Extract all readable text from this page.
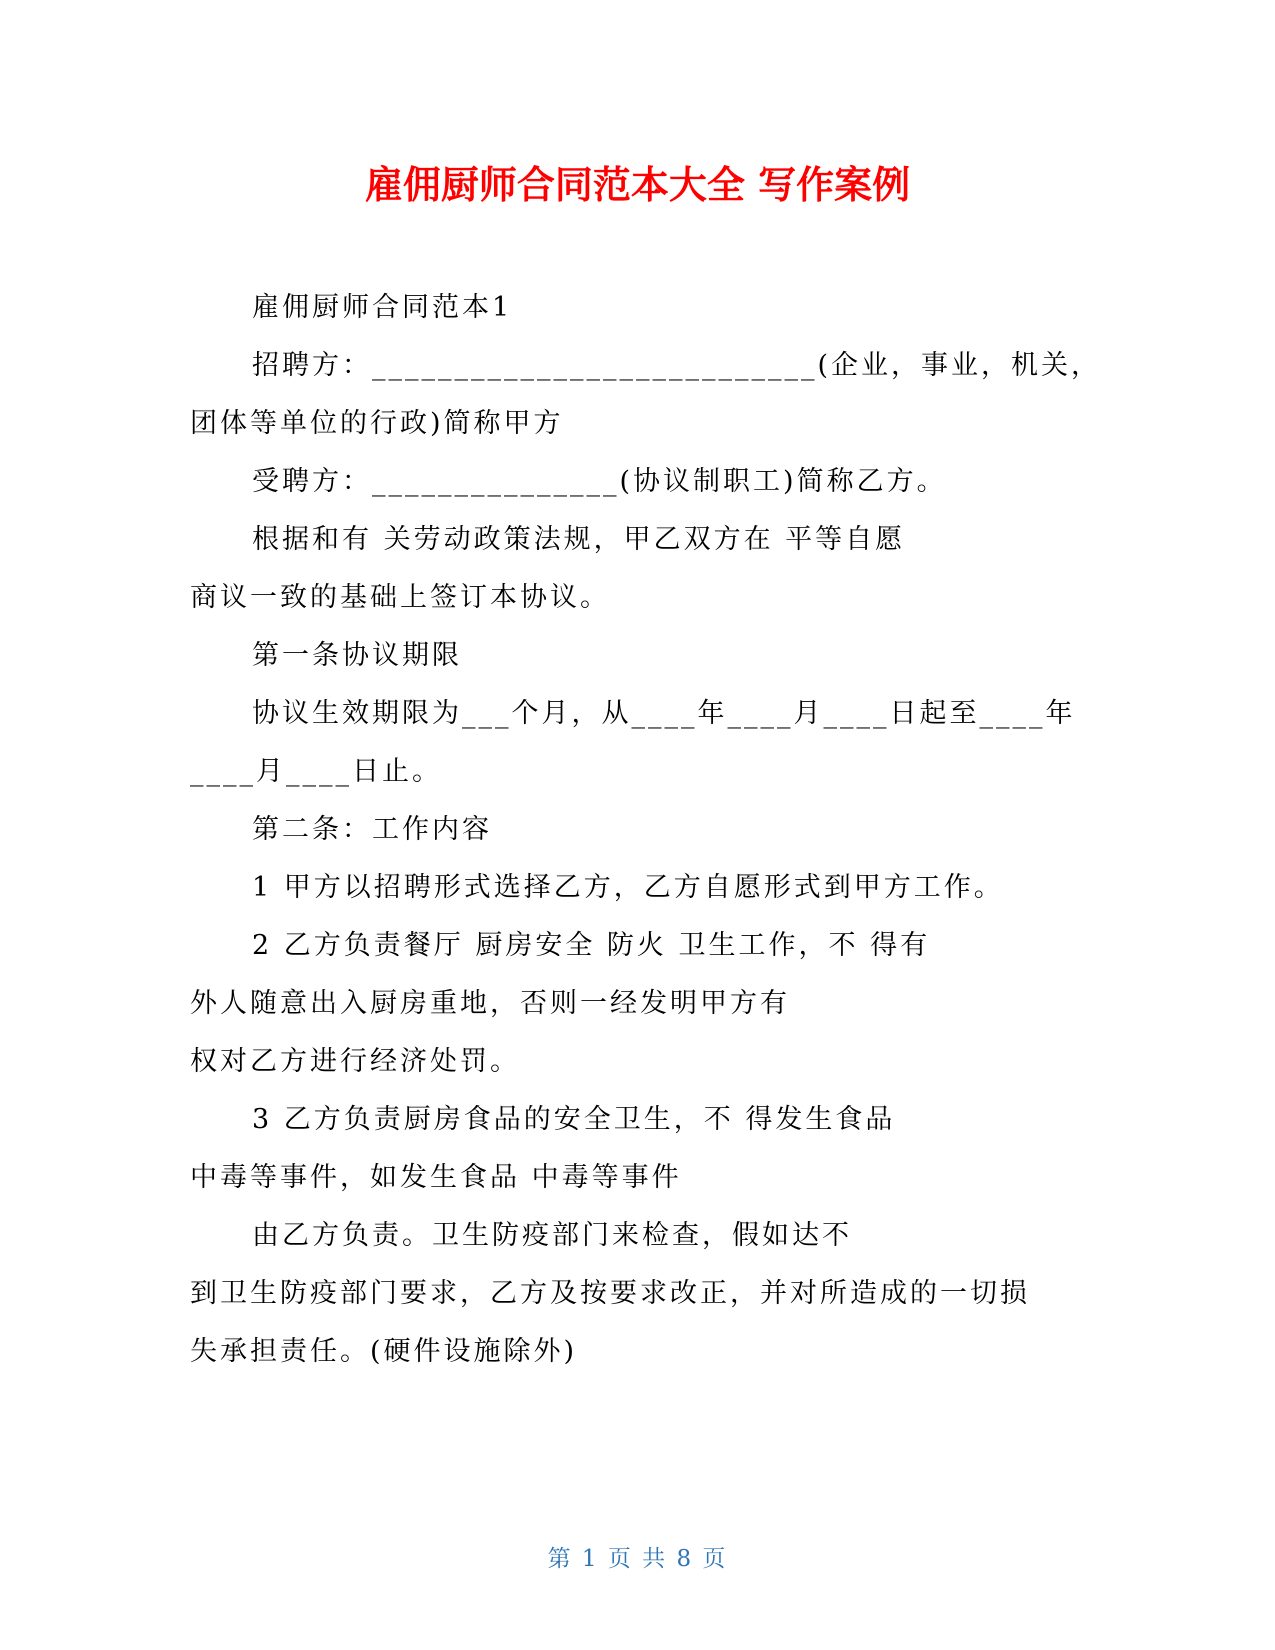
雇佣厨师合同范本大全 写作案例
雇佣厨师合同范本1
招聘方：___________________________(企业，事业，机关，
团体等单位的行政)简称甲方
受聘方：_______________(协议制职工)简称乙方。
根据和有 关劳动政策法规，甲乙双方在 平等自愿
商议一致的基础上签订本协议。
第一条协议期限
协议生效期限为___个月，从____年____月____日起至____年
____月____日止。
第二条：工作内容
1 甲方以招聘形式选择乙方，乙方自愿形式到甲方工作。
2 乙方负责餐厅 厨房安全 防火 卫生工作，不 得有
外人随意出入厨房重地，否则一经发明甲方有
权对乙方进行经济处罚。
3 乙方负责厨房食品的安全卫生，不 得发生食品
中毒等事件，如发生食品 中毒等事件
由乙方负责。卫生防疫部门来检查，假如达不
到卫生防疫部门要求，乙方及按要求改正，并对所造成的一切损
失承担责任。(硬件设施除外)
第 1 页 共 8 页
